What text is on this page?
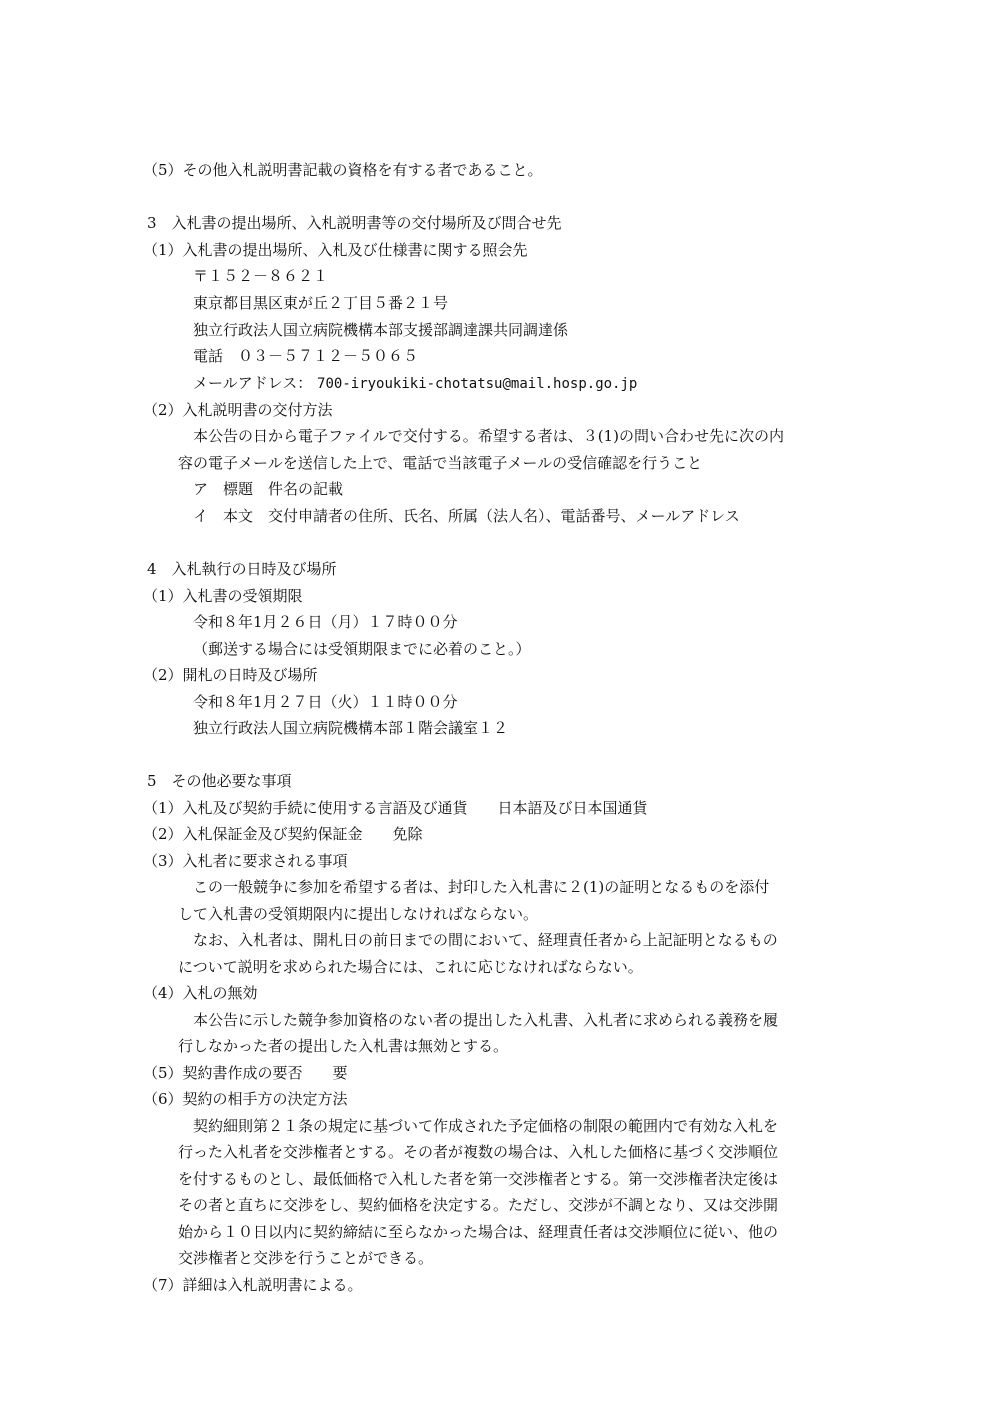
（5）その他入札説明書記載の資格を有する者であること。
3　入札書の提出場所、入札説明書等の交付場所及び問合せ先
（1）入札書の提出場所、入札及び仕様書に関する照会先
〒１５２－８６２１
東京都目黒区東が丘２丁目５番２１号
独立行政法人国立病院機構本部支援部調達課共同調達係
電話　０３－５７１２－５０６５
メールアドレス： 700-iryoukiki-chotatsu@mail.hosp.go.jp
（2）入札説明書の交付方法
本公告の日から電子ファイルで交付する。希望する者は、３(1)の問い合わせ先に次の内
容の電子メールを送信した上で、電話で当該電子メールの受信確認を行うこと
ア　標題　件名の記載
イ　本文　交付申請者の住所、氏名、所属（法人名）、電話番号、メールアドレス
4　入札執行の日時及び場所
（1）入札書の受領期限
令和８年1月２６日（月）１７時００分
（郵送する場合には受領期限までに必着のこと。）
（2）開札の日時及び場所
令和８年1月２７日（火）１１時００分
独立行政法人国立病院機構本部１階会議室１２
5　その他必要な事項
（1）入札及び契約手続に使用する言語及び通貨　　日本語及び日本国通貨
（2）入札保証金及び契約保証金　　免除
（3）入札者に要求される事項
この一般競争に参加を希望する者は、封印した入札書に２(1)の証明となるものを添付
して入札書の受領期限内に提出しなければならない。
なお、入札者は、開札日の前日までの間において、経理責任者から上記証明となるもの
について説明を求められた場合には、これに応じなければならない。
（4）入札の無効
本公告に示した競争参加資格のない者の提出した入札書、入札者に求められる義務を履
行しなかった者の提出した入札書は無効とする。
（5）契約書作成の要否　　要
（6）契約の相手方の決定方法
契約細則第２１条の規定に基づいて作成された予定価格の制限の範囲内で有効な入札を
行った入札者を交渉権者とする。その者が複数の場合は、入札した価格に基づく交渉順位
を付するものとし、最低価格で入札した者を第一交渉権者とする。第一交渉権者決定後は
その者と直ちに交渉をし、契約価格を決定する。ただし、交渉が不調となり、又は交渉開
始から１０日以内に契約締結に至らなかった場合は、経理責任者は交渉順位に従い、他の
交渉権者と交渉を行うことができる。
（7）詳細は入札説明書による。
